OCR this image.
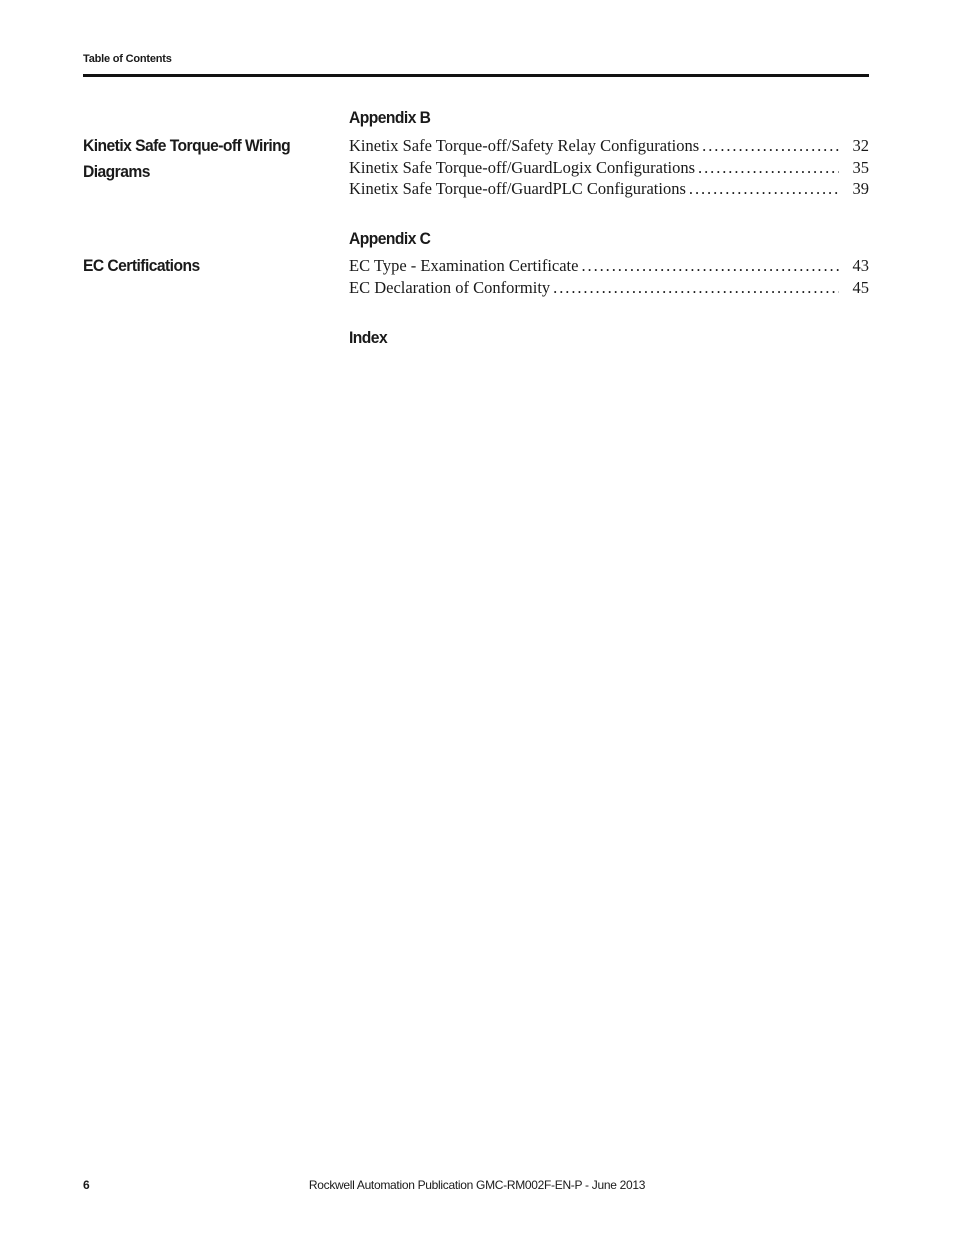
Table of Contents
Appendix B
Kinetix Safe Torque-off Wiring Diagrams
Kinetix Safe Torque-off/Safety Relay Configurations . . .	32
Kinetix Safe Torque-off/GuardLogix Configurations . . .	35
Kinetix Safe Torque-off/GuardPLC Configurations . . .	39
Appendix C
EC Certifications	EC Type - Examination Certificate . . .	43
EC Declaration of Conformity . . .	45
Index
6	Rockwell Automation Publication GMC-RM002F-EN-P - June 2013
